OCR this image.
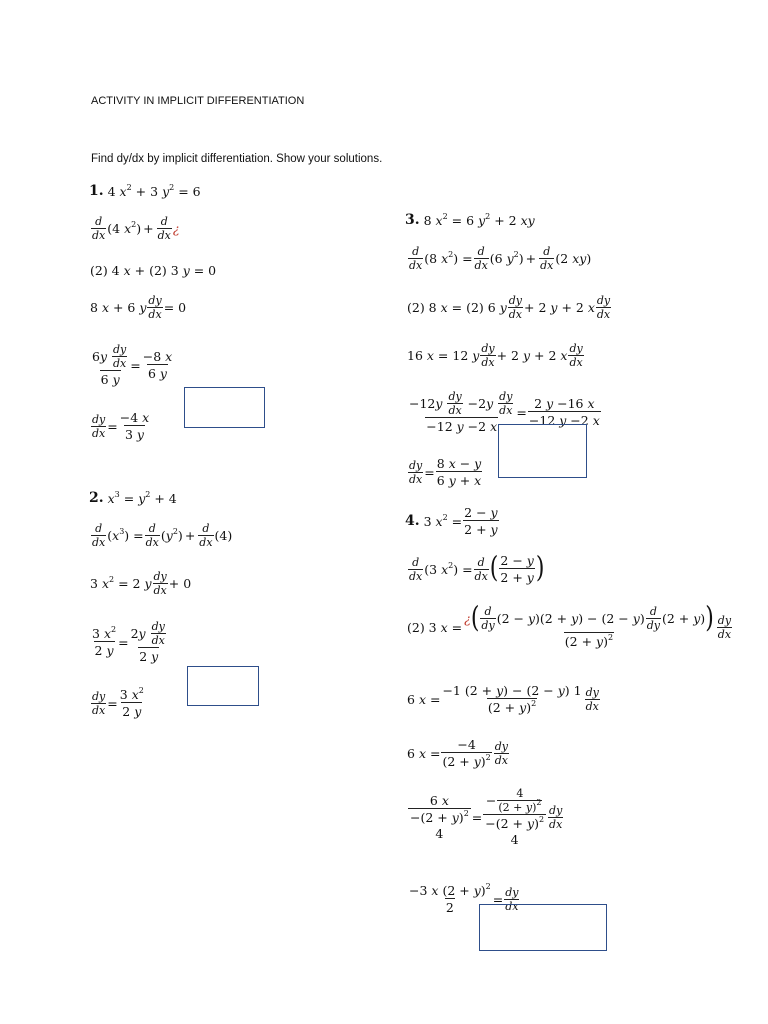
ACTIVITY IN IMPLICIT DIFFERENTIATION
Find dy/dx by implicit differentiation. Show your solutions.
1.
4 $x^2 + 3$ $y^2 = 6$
d
dx (4 $x^2) + \frac{d}{dx}$ ¿
(2) 4 x + (2) 3 y = 0
8 x + 6 y $\frac{dy}{dx} = 0$
6 y
dy
dx
6 y
= $\frac{-8 x}{6 y}$
$\frac{dy}{dx} = \frac{-4 x}{3 y}$
2.
$x^3 = y^2 + 4$
d
dx $(x^3) = \frac{d}{dx} (y^2) + \frac{d}{dx} (4)$
3 $x^2 = 2$ y dy
dx + 0
$\frac{3 x^2}{2 y}$ =
2 y
dy
dx
2 y
$\frac{dy}{dx} = \frac{3 x^2}{2 y}$
3.
8 $x^2 = 6$ $y^2 + 2$ xy
d
dx (8 $x^2) = \frac{d}{dx} (6$ $y^2) + \frac{d}{dx} (2$ xy)
(2) 8 x = (2) 6 y dy
dx + 2 y + 2 x dy
dx
16 x = 12 y dy
dx + 2 y + 2 x dy
dx
−12 y
dy
dx −2 y
dy
dx
−12 y −2 x
= $\frac{2 y -16 x}{-12 y -2 x}$
$\frac{dy}{dx} = \frac{8 x - y}{6 y + x}$
4.
3 $x^2 = \frac{2 - y}{2 + y}$
d
dx (3 $x^2) = \frac{d}{dx}$ ( 2 − y
2 + y )
(2) 3 x =
¿ ( d
dy (2 − y)(2 + y) − (2 − y) d
dy (2 + y) )
$(2 + y)^2$
dy
dx
6 $x = \frac{-1 (2 + y) - (2 - y) 1}{(2 + y)^2}$ dy
dx
6 $x = \frac{-4}{(2 + y)^2}$ dy
dx
6 x
$-(2 + y)^2$
4 = − 4
$(2 + y)^2$
$-(2 + y)^2$
4 dy
dx
$\frac{-3 x (2 + y)^2}{2} = \frac{dy}{dx}$
